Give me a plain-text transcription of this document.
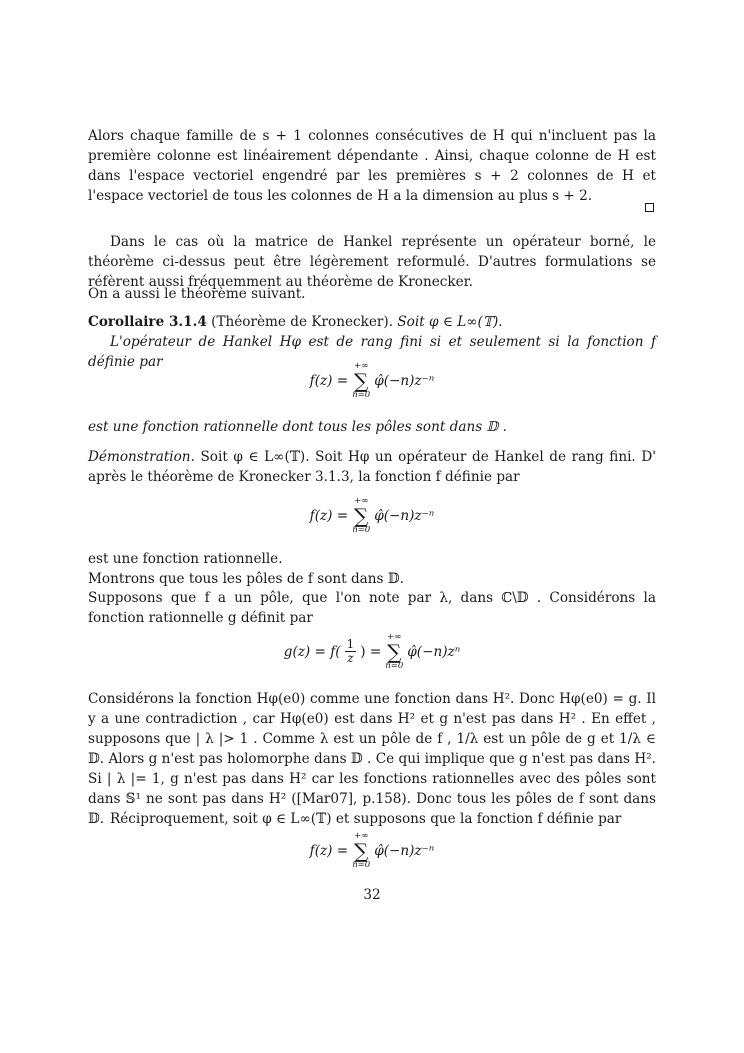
Alors chaque famille de s + 1 colonnes consécutives de H qui n'incluent pas la première colonne est linéairement dépendante . Ainsi, chaque colonne de H est dans l'espace vectoriel engendré par les premières s + 2 colonnes de H et l'espace vectoriel de tous les colonnes de H a la dimension au plus s + 2.

Dans le cas où la matrice de Hankel représente un opérateur borné, le théorème ci-dessus peut être légèrement reformulé. D'autres formulations se réfèrent aussi fréquemment au théorème de Kronecker.

On a aussi le théorème suivant.

Corollaire 3.1.4 (Théorème de Kronecker). Soit φ ∈ L∞(𝕋).

L'opérateur de Hankel Hφ est de rang fini si et seulement si la fonction f définie par

f(z) =
+∞
∑
n=0
φ̂(−n)z⁻ⁿ

est une fonction rationnelle dont tous les pôles sont dans 𝔻 .

Démonstration. Soit φ ∈ L∞(𝕋). Soit Hφ un opérateur de Hankel de rang fini. D' après le théorème de Kronecker 3.1.3, la fonction f définie par
f(z) =
+∞
∑
n=0
φ̂(−n)z⁻ⁿ

est une fonction rationnelle.

Montrons que tous les pôles de f sont dans 𝔻.

Supposons que f a un pôle, que l'on note par λ, dans ℂ\𝔻 . Considérons la fonction rationnelle g définit par

$g(z) = f( \frac{1}{z}$ ) =
+∞
∑
n=0
φ̂(−n)zⁿ

Considérons la fonction Hφ(e0) comme une fonction dans H². Donc Hφ(e0) = g. Il y a une contradiction , car Hφ(e0) est dans H² et g n'est pas dans H² . En effet , supposons que | λ |> 1 . Comme λ est un pôle de f , 1/λ est un pôle de g et 1/λ ∈ 𝔻. Alors g n'est pas holomorphe dans 𝔻 . Ce qui implique que g n'est pas dans H². Si | λ |= 1, g n'est pas dans H² car les fonctions rationnelles avec des pôles sont dans 𝕊¹ ne sont pas dans H² ([Mar07], p.158). Donc tous les pôles de f sont dans 𝔻. Réciproquement, soit φ ∈ L∞(𝕋) et supposons que la fonction f définie par

f(z) =
+∞
∑
n=0
φ̂(−n)z⁻ⁿ
32
